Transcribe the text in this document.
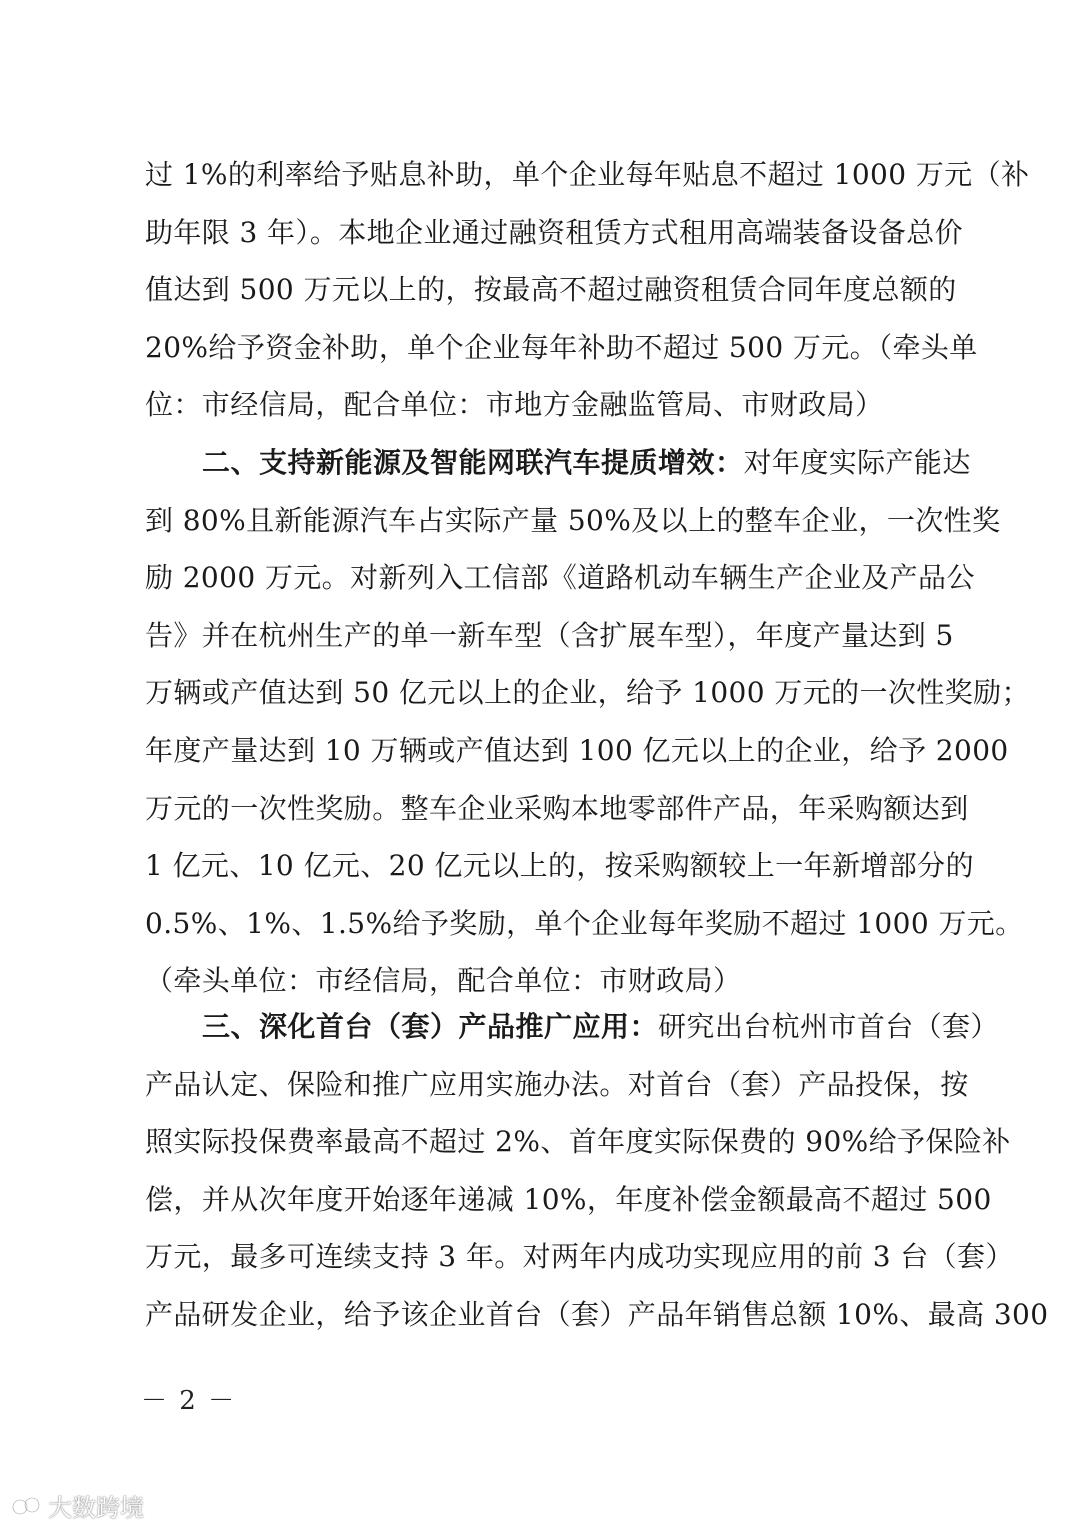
过 1%的利率给予贴息补助，单个企业每年贴息不超过 1000 万元（补
助年限 3 年）。本地企业通过融资租赁方式租用高端装备设备总价
值达到 500 万元以上的，按最高不超过融资租赁合同年度总额的
20%给予资金补助，单个企业每年补助不超过 500 万元。（牵头单
位：市经信局，配合单位：市地方金融监管局、市财政局）
二、支持新能源及智能网联汽车提质增效：对年度实际产能达
到 80%且新能源汽车占实际产量 50%及以上的整车企业，一次性奖
励 2000 万元。对新列入工信部《道路机动车辆生产企业及产品公
告》并在杭州生产的单一新车型（含扩展车型），年度产量达到 5
万辆或产值达到 50 亿元以上的企业，给予 1000 万元的一次性奖励；
年度产量达到 10 万辆或产值达到 100 亿元以上的企业，给予 2000
万元的一次性奖励。整车企业采购本地零部件产品，年采购额达到
1 亿元、10 亿元、20 亿元以上的，按采购额较上一年新增部分的
0.5%、1%、1.5%给予奖励，单个企业每年奖励不超过 1000 万元。
（牵头单位：市经信局，配合单位：市财政局）
三、深化首台（套）产品推广应用：研究出台杭州市首台（套）
产品认定、保险和推广应用实施办法。对首台（套）产品投保，按
照实际投保费率最高不超过 2%、首年度实际保费的 90%给予保险补
偿，并从次年度开始逐年递减 10%，年度补偿金额最高不超过 500
万元，最多可连续支持 3 年。对两年内成功实现应用的前 3 台（套）
产品研发企业，给予该企业首台（套）产品年销售总额 10%、最高 300
－ 2 －
大数跨境
